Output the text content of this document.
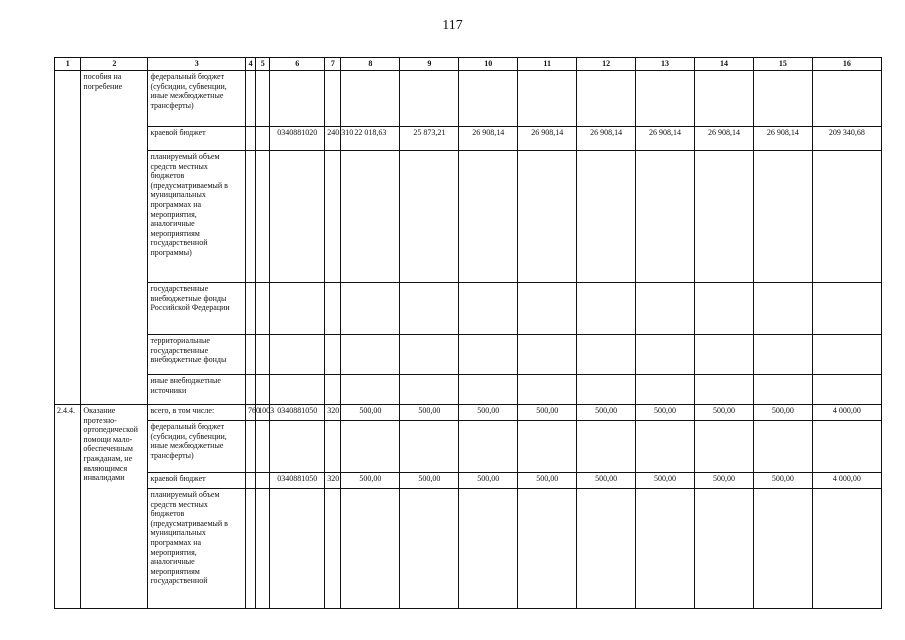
117
1	2	3	4	5	6	7	8	9	10	11	12	13	14	15	16
	пособия на погребение	федеральный бюджет (субсидии, субвенции, иные межбюджетные трансферты)													
		краевой бюджет			0340881020	240 310	22 018,63	25 873,21	26 908,14	26 908,14	26 908,14	26 908,14	26 908,14	26 908,14	209 340,68
		планируемый объем средств местных бюджетов (предусматриваемый в муниципальных программах на мероприятия, аналогичные мероприятиям государственной программы)													
		государственные внебюджетные фонды Российской Федерации													
		территориальные государственные внебюджетные фонды													
		иные внебюджетные источники													
2.4.4.	Оказание протезно-ортопедической помощи мало-обеспеченным гражданам, не являющимся инвалидами	всего, в том числе:	760	1003	0340881050	320	500,00	500,00	500,00	500,00	500,00	500,00	500,00	500,00	4 000,00
		федеральный бюджет (субсидии, субвенции, иные межбюджетные трансферты)													
		краевой бюджет			0340881050	320	500,00	500,00	500,00	500,00	500,00	500,00	500,00	500,00	4 000,00
		планируемый объем средств местных бюджетов (предусматриваемый в муниципальных программах на мероприятия, аналогичные мероприятиям государственной													
